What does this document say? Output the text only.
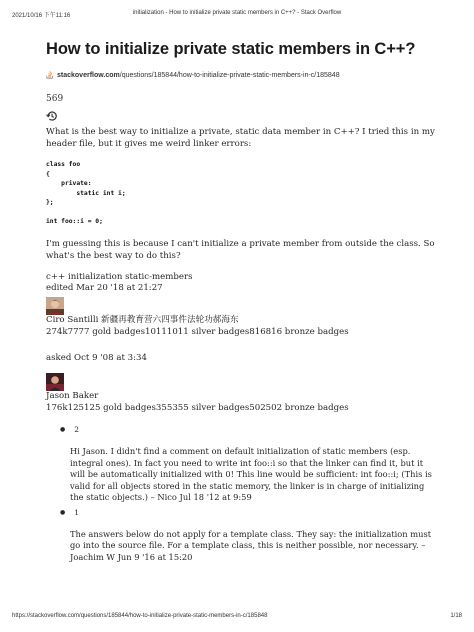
2021/10/16 下午11:16	initialization - How to initialize private static members in C++? - Stack Overflow
How to initialize private static members in C++?
stackoverflow.com /questions/185844/how-to-initialize-private-static-members-in-c/185848
569

What is the best way to initialize a private, static data member in C++? I tried this in my header file, but it gives me weird linker errors:

class foo
{
private:
static int i;
};
int foo::i = 0;

I'm guessing this is because I can't initialize a private member from outside the class. So what's the best way to do this?

c++ initialization static-members
edited Mar 20 '18 at 21:27
Ciro Santilli 新疆再教育营六四事件法轮功郝海东
274k7777 gold badges10111011 silver badges816816 bronze badges
asked Oct 9 '08 at 3:34
Jason Baker
176k125125 gold badges355355 silver badges502502 bronze badges
● 2

Hi Jason. I didn't find a comment on default initialization of static members (esp. integral ones). In fact you need to write int foo::i so that the linker can find it, but it will be automatically initialized with 0! This line would be sufficient: int foo::i; (This is valid for all objects stored in the static memory, the linker is in charge of initializing the static objects.) – Nico Jul 18 '12 at 9:59

● 1

The answers below do not apply for a template class. They say: the initialization must go into the source file. For a template class, this is neither possible, nor necessary. – Joachim W Jun 9 '16 at 15:20

https://stackoverflow.com/questions/185844/how-to-initialize-private-static-members-in-c/185848	1/18
